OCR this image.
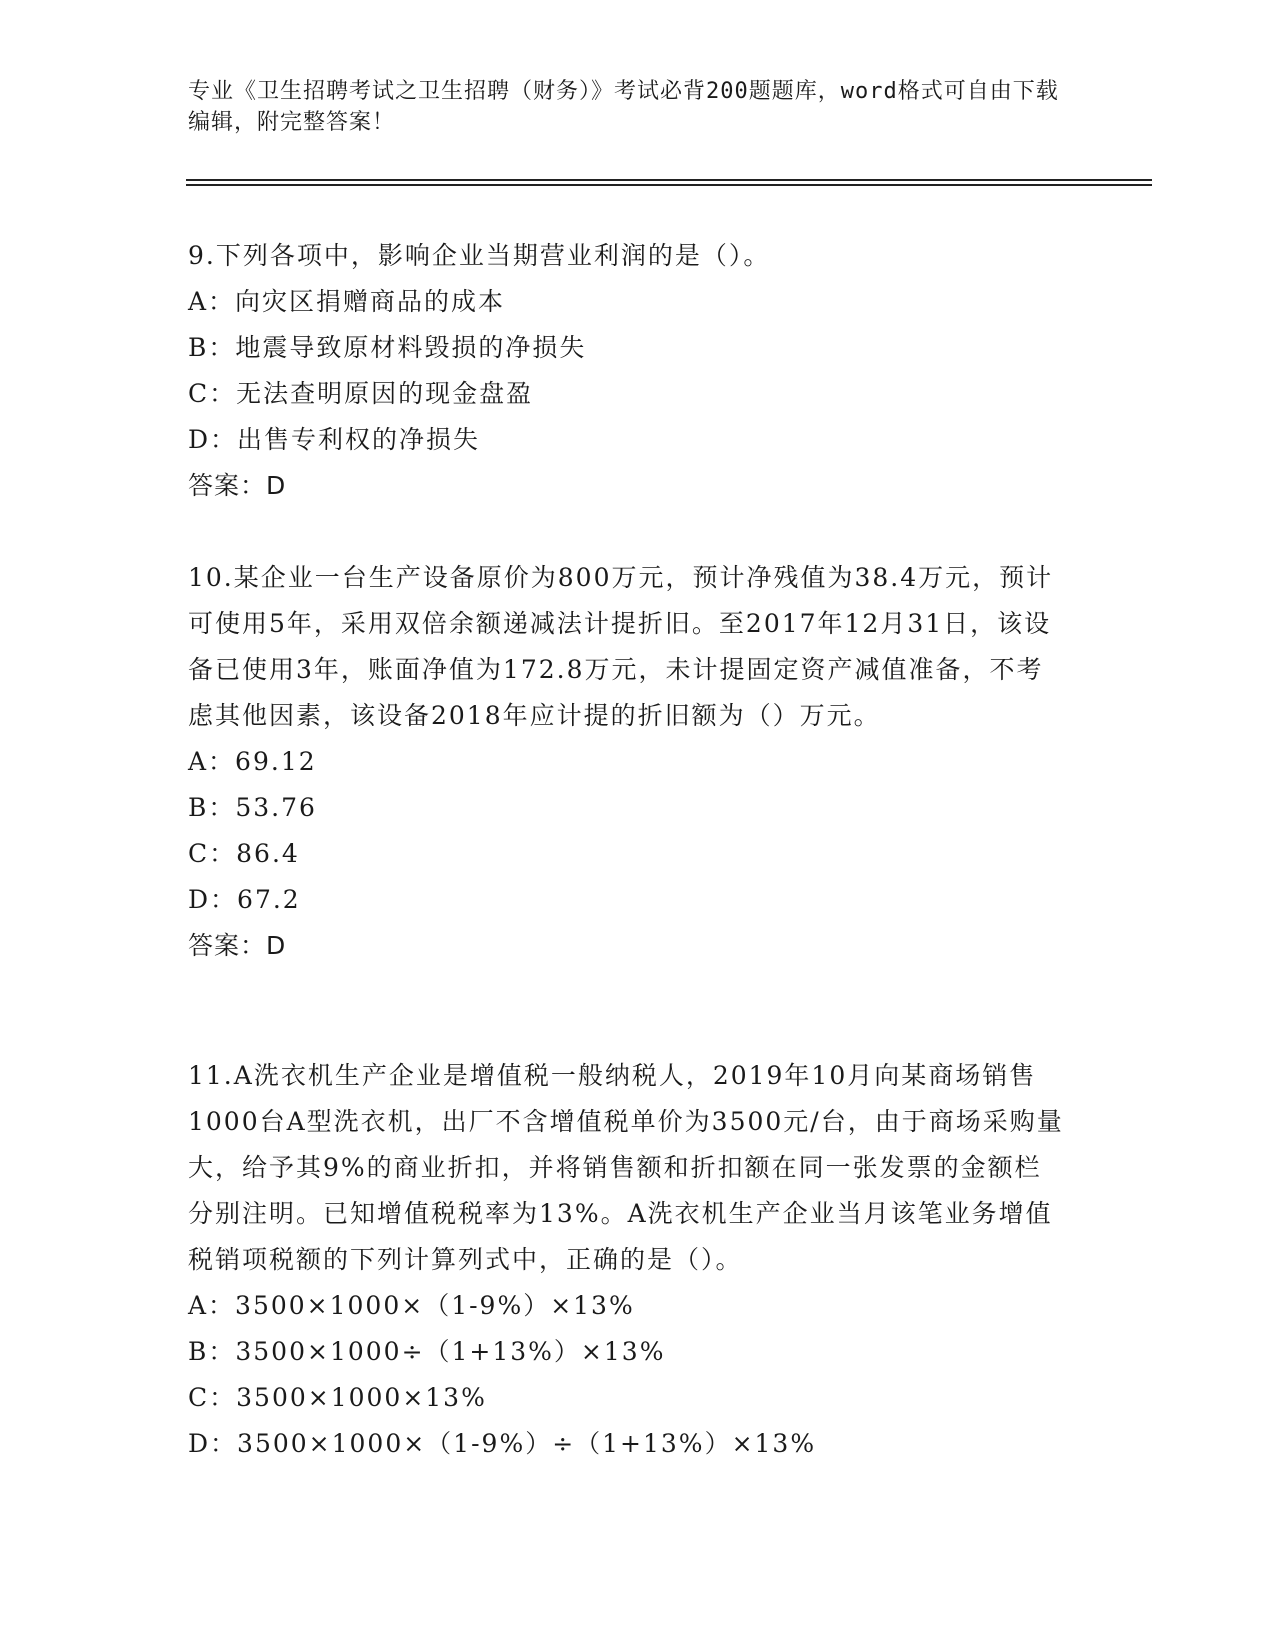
专业《卫生招聘考试之卫生招聘（财务）》考试必背200题题库，word格式可自由下载编辑，附完整答案！

9.下列各项中，影响企业当期营业利润的是（）。

A：向灾区捐赠商品的成本

B：地震导致原材料毁损的净损失

C：无法查明原因的现金盘盈

D：出售专利权的净损失

答案：D

10.某企业一台生产设备原价为800万元，预计净残值为38.4万元，预计可使用5年，采用双倍余额递减法计提折旧。至2017年12月31日，该设备已使用3年，账面净值为172.8万元，未计提固定资产减值准备，不考虑其他因素，该设备2018年应计提的折旧额为（）万元。

A：69.12

B：53.76

C：86.4

D：67.2

答案：D

11.A洗衣机生产企业是增值税一般纳税人，2019年10月向某商场销售1000台A型洗衣机，出厂不含增值税单价为3500元/台，由于商场采购量大，给予其9%的商业折扣，并将销售额和折扣额在同一张发票的金额栏分别注明。已知增值税税率为13%。A洗衣机生产企业当月该笔业务增值税销项税额的下列计算列式中，正确的是（）。

A：3500×1000×（1-9%）×13%

B：3500×1000÷（1+13%）×13%

C：3500×1000×13%

D：3500×1000×（1-9%）÷（1+13%）×13%
